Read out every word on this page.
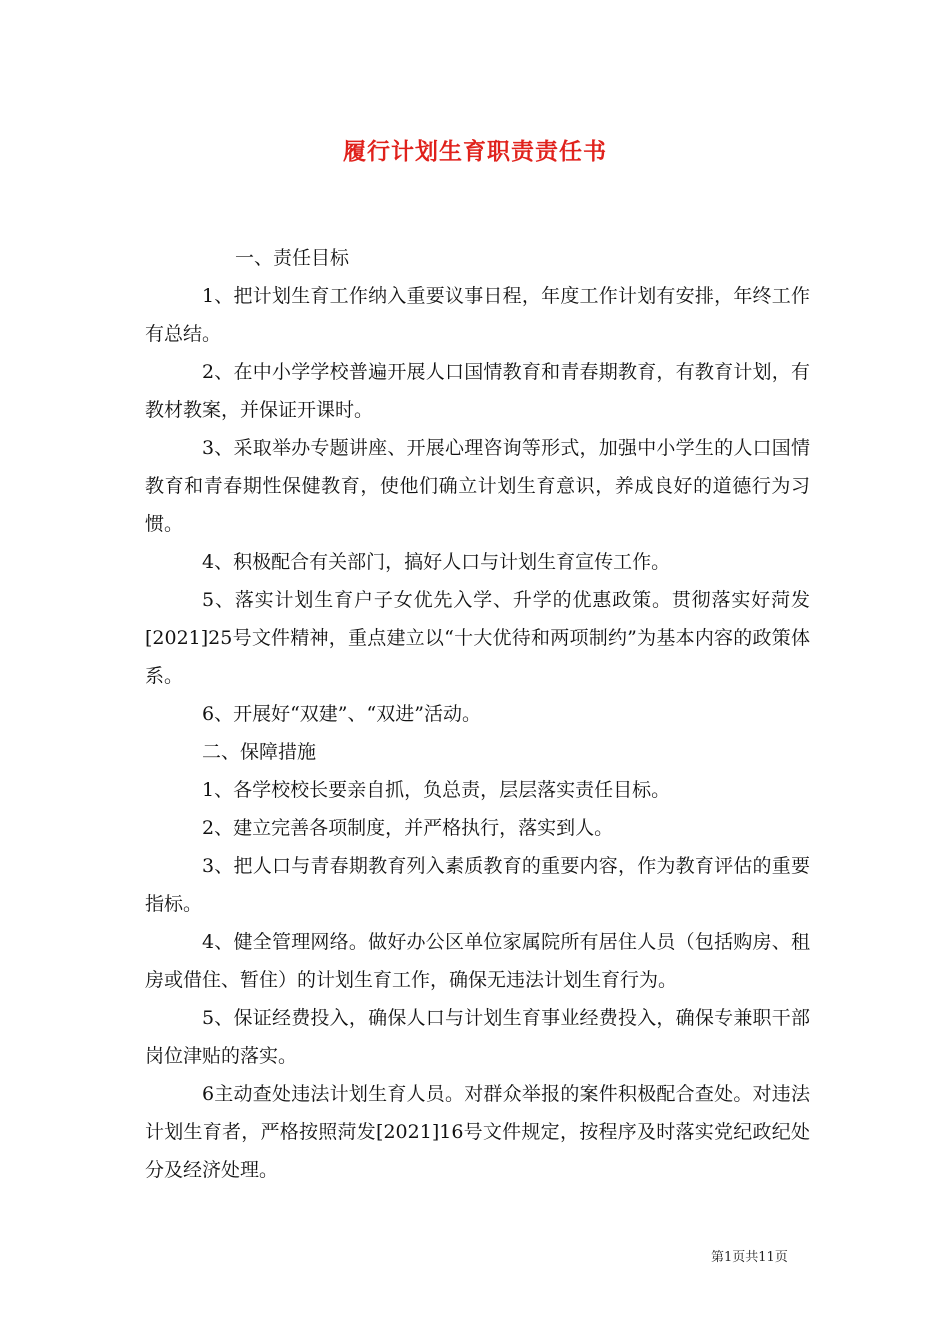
履行计划生育职责责任书

一、责任目标

1、把计划生育工作纳入重要议事日程，年度工作计划有安排，年终工作有总结。

2、在中小学学校普遍开展人口国情教育和青春期教育，有教育计划，有教材教案，并保证开课时。

3、采取举办专题讲座、开展心理咨询等形式，加强中小学生的人口国情教育和青春期性保健教育，使他们确立计划生育意识，养成良好的道德行为习惯。

4、积极配合有关部门，搞好人口与计划生育宣传工作。

5、落实计划生育户子女优先入学、升学的优惠政策。贯彻落实好菏发[2021]25号文件精神，重点建立以“十大优待和两项制约”为基本内容的政策体系。

6、开展好“双建”、“双进”活动。

二、保障措施

1、各学校校长要亲自抓，负总责，层层落实责任目标。

2、建立完善各项制度，并严格执行，落实到人。

3、把人口与青春期教育列入素质教育的重要内容，作为教育评估的重要指标。

4、健全管理网络。做好办公区单位家属院所有居住人员（包括购房、租房或借住、暂住）的计划生育工作，确保无违法计划生育行为。

5、保证经费投入，确保人口与计划生育事业经费投入，确保专兼职干部岗位津贴的落实。

6主动查处违法计划生育人员。对群众举报的案件积极配合查处。对违法计划生育者，严格按照菏发[2021]16号文件规定，按程序及时落实党纪政纪处分及经济处理。

第1页共11页
